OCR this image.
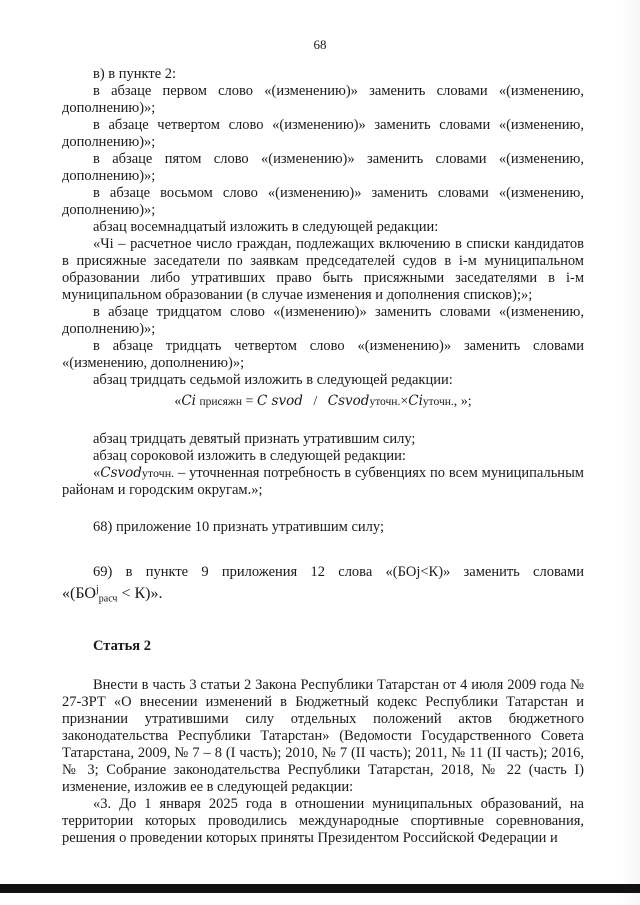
68

в) в пункте 2:

в абзаце первом слово «(изменению)» заменить словами «(изменению, дополнению)»;

в абзаце четвертом слово «(изменению)» заменить словами «(изменению, дополнению)»;

в абзаце пятом слово «(изменению)» заменить словами «(изменению, дополнению)»;

в абзаце восьмом слово «(изменению)» заменить словами «(изменению, дополнению)»;

абзац восемнадцатый изложить в следующей редакции:

«Чi – расчетное число граждан, подлежащих включению в списки кандидатов в присяжные заседатели по заявкам председателей судов в i-м муниципальном образовании либо утративших право быть присяжными заседателями в i-м муниципальном образовании (в случае изменения и дополнения списков);»;

в абзаце тридцатом слово «(изменению)» заменить словами «(изменению, дополнению)»;

в абзаце тридцать четвертом слово «(изменению)» заменить словами «(изменению, дополнению)»;

абзац тридцать седьмой изложить в следующей редакции:

«Ci присяжн = C svod / Csvodуточн.×Ciуточн., »;

абзац тридцать девятый признать утратившим силу;

абзац сороковой изложить в следующей редакции:

«Csvodуточн. – уточненная потребность в субвенциях по всем муниципальным районам и городским округам.»;

68) приложение 10 признать утратившим силу;

69) в пункте 9 приложения 12 слова «(БОj<К)» заменить словами

«$(БО^j_{расч} < К)$».

Статья 2

Внести в часть 3 статьи 2 Закона Республики Татарстан от 4 июля 2009 года № 27-ЗРТ «О внесении изменений в Бюджетный кодекс Республики Татарстан и признании утратившими силу отдельных положений актов бюджетного законодательства Республики Татарстан» (Ведомости Государственного Совета Татарстана, 2009, № 7 – 8 (I часть); 2010, № 7 (II часть); 2011, № 11 (II часть); 2016, № 3; Собрание законодательства Республики Татарстан, 2018, № 22 (часть I) изменение, изложив ее в следующей редакции:

«3. До 1 января 2025 года в отношении муниципальных образований, на территории которых проводились международные спортивные соревнования, решения о проведении которых приняты Президентом Российской Федерации и
